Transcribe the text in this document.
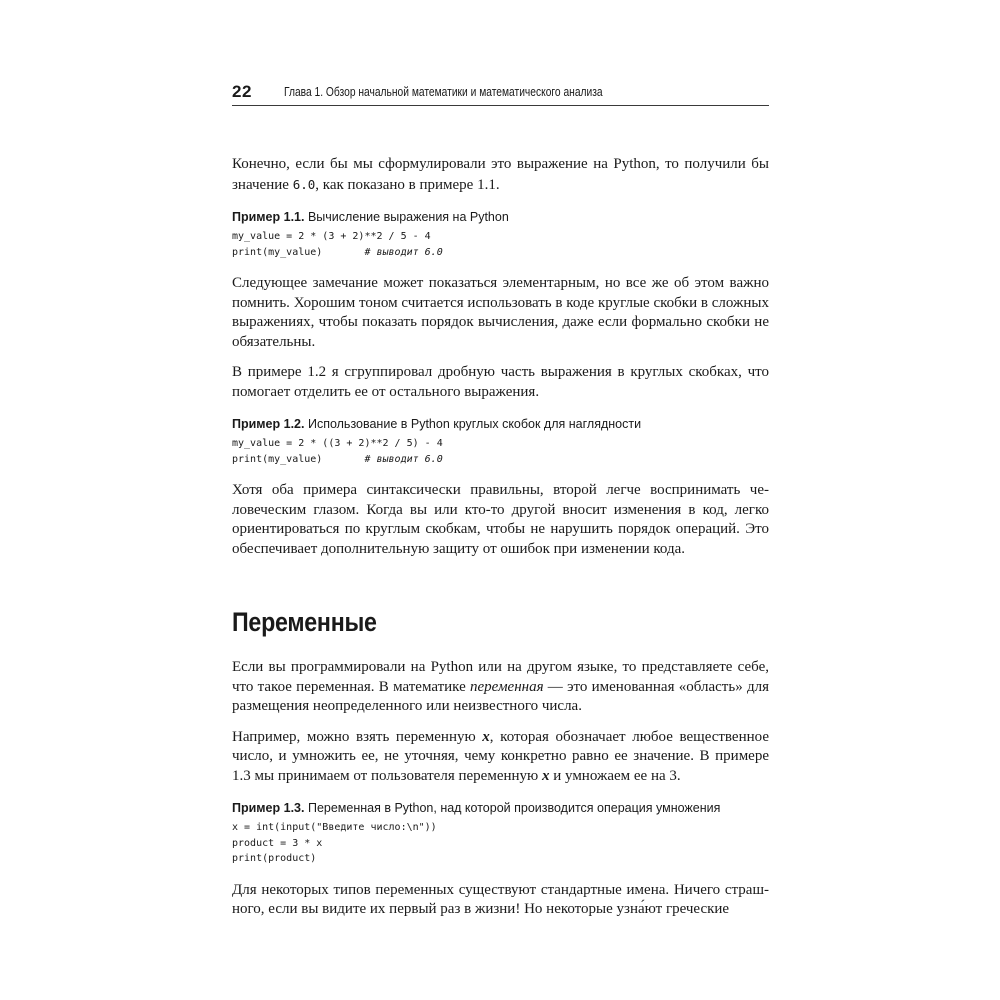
22	Глава 1. Обзор начальной математики и математического анализа

Конечно, если бы мы сформулировали это выражение на Python, то получили бы значение 6.0, как показано в примере 1.1.

Пример 1.1. Вычисление выражения на Python
my_value = 2 * (3 + 2)**2 / 5 - 4
print(my_value)       # выводит 6.0

Следующее замечание может показаться элементарным, но все же об этом важно помнить. Хорошим тоном считается использовать в коде круглые скобки в сложных выражениях, чтобы показать порядок вычисления, даже если формально скобки не обязательны.

В примере 1.2 я сгруппировал дробную часть выражения в круглых скобках, что помогает отделить ее от остального выражения.

Пример 1.2. Использование в Python круглых скобок для наглядности
my_value = 2 * ((3 + 2)**2 / 5) - 4
print(my_value)       # выводит 6.0

Хотя оба примера синтаксически правильны, второй легче воспринимать человеческим глазом. Когда вы или кто-то другой вносит изменения в код, легко ориентироваться по круглым скобкам, чтобы не нарушить порядок операций. Это обеспечивает дополнительную защиту от ошибок при изменении кода.

Переменные

Если вы программировали на Python или на другом языке, то представляете себе, что такое переменная. В математике переменная — это именованная «область» для размещения неопределенного или неизвестного числа.

Например, можно взять переменную x, которая обозначает любое вещественное число, и умножить ее, не уточняя, чему конкретно равно ее значение. В примере 1.3 мы принимаем от пользователя переменную x и умножаем ее на 3.

Пример 1.3. Переменная в Python, над которой производится операция умножения
x = int(input("Введите число:\n"))
product = 3 * x
print(product)

Для некоторых типов переменных существуют стандартные имена. Ничего страшного, если вы видите их первый раз в жизни! Но некоторые узна́ют греческие
